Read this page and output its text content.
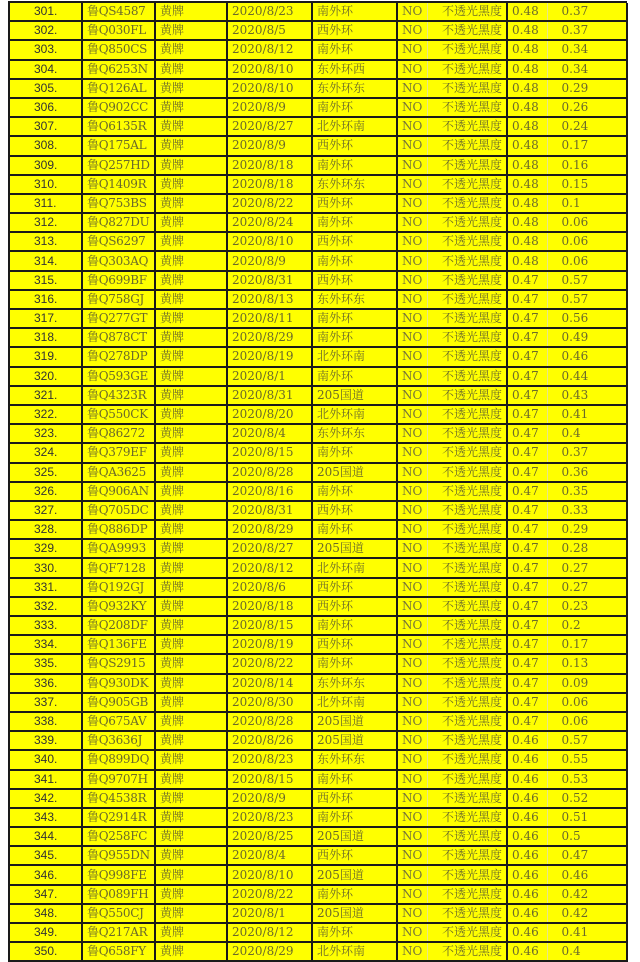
301.	鲁QS4587	黄牌	2020/8/23	南外环	NO	不透光黑度	0.48	0.37
302.	鲁Q030FL	黄牌	2020/8/5	西外环	NO	不透光黑度	0.48	0.37
303.	鲁Q850CS	黄牌	2020/8/12	南外环	NO	不透光黑度	0.48	0.34
304.	鲁Q6253N	黄牌	2020/8/10	东外环西	NO	不透光黑度	0.48	0.34
305.	鲁Q126AL	黄牌	2020/8/10	东外环东	NO	不透光黑度	0.48	0.29
306.	鲁Q902CC	黄牌	2020/8/9	南外环	NO	不透光黑度	0.48	0.26
307.	鲁Q6135R	黄牌	2020/8/27	北外环南	NO	不透光黑度	0.48	0.24
308.	鲁Q175AL	黄牌	2020/8/9	西外环	NO	不透光黑度	0.48	0.17
309.	鲁Q257HD	黄牌	2020/8/18	南外环	NO	不透光黑度	0.48	0.16
310.	鲁Q1409R	黄牌	2020/8/18	东外环东	NO	不透光黑度	0.48	0.15
311.	鲁Q753BS	黄牌	2020/8/22	西外环	NO	不透光黑度	0.48	0.1
312.	鲁Q827DU	黄牌	2020/8/24	南外环	NO	不透光黑度	0.48	0.06
313.	鲁QS6297	黄牌	2020/8/10	西外环	NO	不透光黑度	0.48	0.06
314.	鲁Q303AQ	黄牌	2020/8/9	南外环	NO	不透光黑度	0.48	0.06
315.	鲁Q699BF	黄牌	2020/8/31	西外环	NO	不透光黑度	0.47	0.57
316.	鲁Q758GJ	黄牌	2020/8/13	东外环东	NO	不透光黑度	0.47	0.57
317.	鲁Q277GT	黄牌	2020/8/11	南外环	NO	不透光黑度	0.47	0.56
318.	鲁Q878CT	黄牌	2020/8/29	南外环	NO	不透光黑度	0.47	0.49
319.	鲁Q278DP	黄牌	2020/8/19	北外环南	NO	不透光黑度	0.47	0.46
320.	鲁Q593GE	黄牌	2020/8/1	南外环	NO	不透光黑度	0.47	0.44
321.	鲁Q4323R	黄牌	2020/8/31	205国道	NO	不透光黑度	0.47	0.43
322.	鲁Q550CK	黄牌	2020/8/20	北外环南	NO	不透光黑度	0.47	0.41
323.	鲁Q86272	黄牌	2020/8/4	东外环东	NO	不透光黑度	0.47	0.4
324.	鲁Q379EF	黄牌	2020/8/15	南外环	NO	不透光黑度	0.47	0.37
325.	鲁QA3625	黄牌	2020/8/28	205国道	NO	不透光黑度	0.47	0.36
326.	鲁Q906AN	黄牌	2020/8/16	南外环	NO	不透光黑度	0.47	0.35
327.	鲁Q705DC	黄牌	2020/8/31	西外环	NO	不透光黑度	0.47	0.33
328.	鲁Q886DP	黄牌	2020/8/29	南外环	NO	不透光黑度	0.47	0.29
329.	鲁QA9993	黄牌	2020/8/27	205国道	NO	不透光黑度	0.47	0.28
330.	鲁QF7128	黄牌	2020/8/12	北外环南	NO	不透光黑度	0.47	0.27
331.	鲁Q192GJ	黄牌	2020/8/6	西外环	NO	不透光黑度	0.47	0.27
332.	鲁Q932KY	黄牌	2020/8/18	西外环	NO	不透光黑度	0.47	0.23
333.	鲁Q208DF	黄牌	2020/8/15	南外环	NO	不透光黑度	0.47	0.2
334.	鲁Q136FE	黄牌	2020/8/19	西外环	NO	不透光黑度	0.47	0.17
335.	鲁QS2915	黄牌	2020/8/22	南外环	NO	不透光黑度	0.47	0.13
336.	鲁Q930DK	黄牌	2020/8/14	东外环东	NO	不透光黑度	0.47	0.09
337.	鲁Q905GB	黄牌	2020/8/30	北外环南	NO	不透光黑度	0.47	0.06
338.	鲁Q675AV	黄牌	2020/8/28	205国道	NO	不透光黑度	0.47	0.06
339.	鲁Q3636J	黄牌	2020/8/26	205国道	NO	不透光黑度	0.46	0.57
340.	鲁Q899DQ	黄牌	2020/8/23	东外环东	NO	不透光黑度	0.46	0.55
341.	鲁Q9707H	黄牌	2020/8/15	南外环	NO	不透光黑度	0.46	0.53
342.	鲁Q4538R	黄牌	2020/8/9	西外环	NO	不透光黑度	0.46	0.52
343.	鲁Q2914R	黄牌	2020/8/23	南外环	NO	不透光黑度	0.46	0.51
344.	鲁Q258FC	黄牌	2020/8/25	205国道	NO	不透光黑度	0.46	0.5
345.	鲁Q955DN	黄牌	2020/8/4	西外环	NO	不透光黑度	0.46	0.47
346.	鲁Q998FE	黄牌	2020/8/10	205国道	NO	不透光黑度	0.46	0.46
347.	鲁Q089FH	黄牌	2020/8/22	南外环	NO	不透光黑度	0.46	0.42
348.	鲁Q550CJ	黄牌	2020/8/1	205国道	NO	不透光黑度	0.46	0.42
349.	鲁Q217AR	黄牌	2020/8/12	南外环	NO	不透光黑度	0.46	0.41
350.	鲁Q658FY	黄牌	2020/8/29	北外环南	NO	不透光黑度	0.46	0.4
